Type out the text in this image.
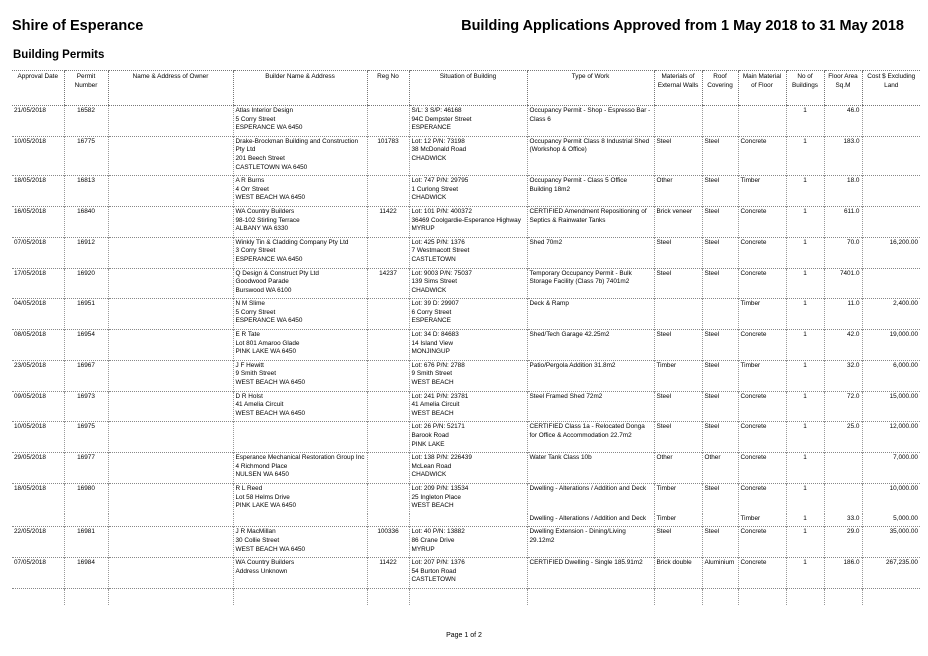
Shire of Esperance	Building Applications Approved from 1 May 2018 to 31 May 2018
Building Permits
Approval Date	Permit Number	Name & Address of Owner	Builder Name & Address	Reg No	Situation of Building	Type of Work	Materials of External Walls	Roof Covering	Main Material of Floor	No of Buildings	Floor Area Sq.M	Cost $ Excluding Land
21/05/2018	16582		Atlas Interior Design
5 Corry Street
ESPERANCE WA 6450		S/L: 3 S/P: 46168
94C Dempster Street
ESPERANCE	Occupancy Permit - Shop - Espresso Bar - Class 6				1	46.0	
10/05/2018	16775		Drake-Brockman Building and Construction Pty Ltd
201 Beech Street
CASTLETOWN WA 6450	101783	Lot: 12 P/N: 73198
38 McDonald Road
CHADWICK	Occupancy Permit Class 8 Industrial Shed (Workshop & Office)	Steel	Steel	Concrete	1	183.0	
18/05/2018	16813		A R Burns
4 Orr Street
WEST BEACH WA 6450		Lot: 747 P/N: 29795
1 Curlong Street
CHADWICK	Occupancy Permit - Class 5 Office Building 18m2	Other	Steel	Timber	1	18.0	
16/05/2018	16840		WA Country Builders
98-102 Stirling Terrace
ALBANY WA 6330	11422	Lot: 101 P/N: 400372
36469 Coolgardie-Esperance Highway
MYRUP	CERTIFIED Amendment Repositioning of Septics & Rainwater Tanks	Brick veneer	Steel	Concrete	1	611.0	
07/05/2018	16912		Winkly Tin & Cladding Company Pty Ltd
3 Corry Street
ESPERANCE WA 6450		Lot: 425 P/N: 1376
7 Westmacott Street
CASTLETOWN	Shed 70m2	Steel	Steel	Concrete	1	70.0	16,200.00
17/05/2018	16920		Q Design & Construct Pty Ltd
Goodwood Parade
Burswood WA 6100	14237	Lot: 9003 P/N: 75037
139 Sims Street
CHADWICK	Temporary Occupancy Permit - Bulk Storage Facility (Class 7b) 7401m2	Steel	Steel	Concrete	1	7401.0	
04/05/2018	16951		N M Slime
5 Corry Street
ESPERANCE WA 6450		Lot: 39 D: 29907
6 Corry Street
ESPERANCE	Deck & Ramp			Timber	1	11.0	2,400.00
08/05/2018	16954		E R Tate
Lot 801 Amaroo Glade
PINK LAKE WA 6450		Lot: 34 D: 84683
14 Island View
MONJINGUP	Shed/Tech Garage 42.25m2	Steel	Steel	Concrete	1	42.0	19,000.00
23/05/2018	16967		J F Hewitt
9 Smith Street
WEST BEACH WA 6450		Lot: 676 P/N: 2788
9 Smith Street
WEST BEACH	Patio/Pergola Addition 31.8m2	Timber	Steel	Timber	1	32.0	6,000.00
09/05/2018	16973		D R Holst
41 Amelia Circuit
WEST BEACH WA 6450		Lot: 241 P/N: 23781
41 Amelia Circuit
WEST BEACH	Steel Framed Shed 72m2	Steel	Steel	Concrete	1	72.0	15,000.00
10/05/2018	16975				Lot: 26 P/N: 52171
Barook Road
PINK LAKE	CERTIFIED Class 1a - Relocated Donga for Office & Accommodation 22.7m2	Steel	Steel	Concrete	1	25.0	12,000.00
29/05/2018	16977		Esperance Mechanical Restoration Group Inc
4 Richmond Place
NULSEN WA 6450		Lot: 138 P/N: 226439
McLean Road
CHADWICK	Water Tank Class 10b	Other	Other	Concrete	1		7,000.00
18/05/2018	16980		R L Reed
Lot 58 Helms Drive
PINK LAKE WA 6450		Lot: 209 P/N: 13534
25 Ingleton Place
WEST BEACH	Dwelling - Alterations / Addition and Deck	Timber	Steel	Concrete	1		10,000.00
						Dwelling - Alterations / Addition and Deck	Timber		Timber	1	33.0	5,000.00
22/05/2018	16981		J R MacMillan
30 Collie Street
WEST BEACH WA 6450	100336	Lot: 40 P/N: 13882
86 Crane Drive
MYRUP	Dwelling Extension - Dining/Living 29.12m2	Steel	Steel	Concrete	1	29.0	35,000.00
07/05/2018	16984		WA Country Builders
Address Unknown	11422	Lot: 207 P/N: 1376
54 Burton Road
CASTLETOWN	CERTIFIED Dwelling - Single 185.91m2	Brick double	Aluminium	Concrete	1	186.0	267,235.00

Page 1 of 2
